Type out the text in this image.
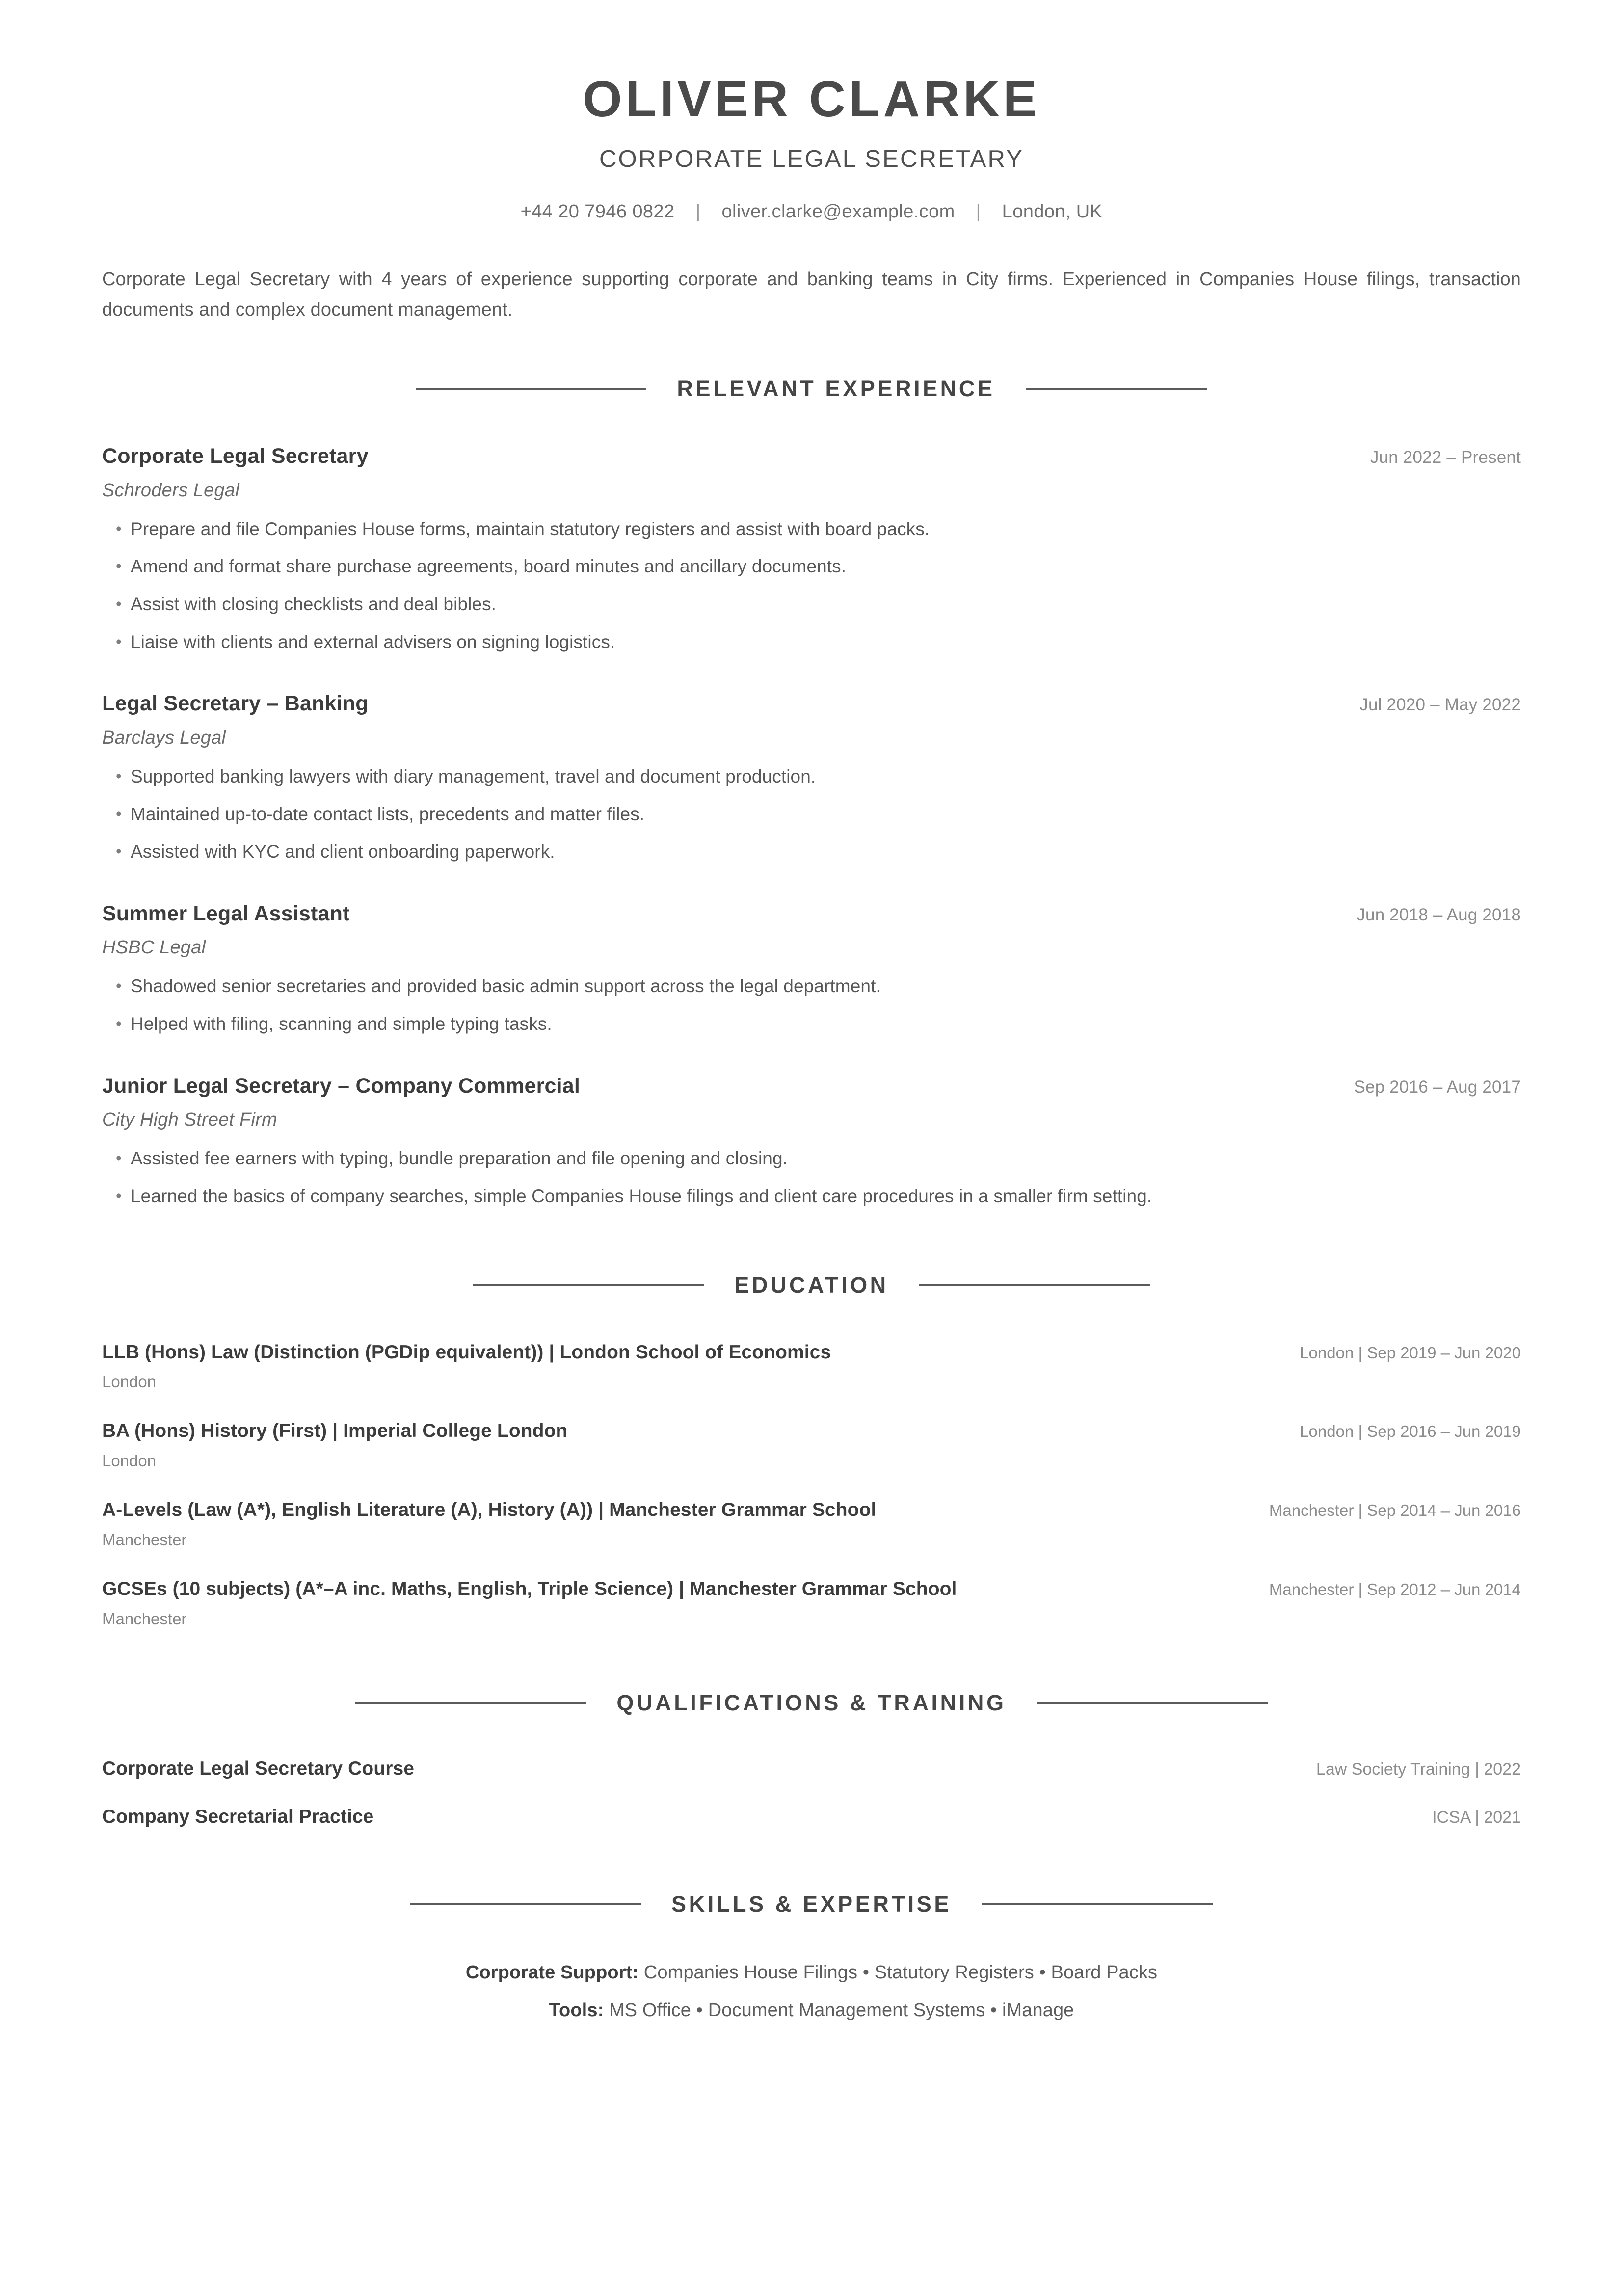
OLIVER CLARKE
CORPORATE LEGAL SECRETARY
+44 20 7946 0822	|	oliver.clarke@example.com	|	London, UK

Corporate Legal Secretary with 4 years of experience supporting corporate and banking teams in City firms. Experienced in Companies House filings, transaction documents and complex document management.

RELEVANT EXPERIENCE
Corporate Legal Secretary	Jun 2022 – Present
Schroders Legal
• Prepare and file Companies House forms, maintain statutory registers and assist with board packs.
• Amend and format share purchase agreements, board minutes and ancillary documents.
• Assist with closing checklists and deal bibles.
• Liaise with clients and external advisers on signing logistics.
Legal Secretary – Banking	Jul 2020 – May 2022
Barclays Legal
• Supported banking lawyers with diary management, travel and document production.
• Maintained up-to-date contact lists, precedents and matter files.
• Assisted with KYC and client onboarding paperwork.
Summer Legal Assistant	Jun 2018 – Aug 2018
HSBC Legal
• Shadowed senior secretaries and provided basic admin support across the legal department.
• Helped with filing, scanning and simple typing tasks.
Junior Legal Secretary – Company Commercial	Sep 2016 – Aug 2017
City High Street Firm
• Assisted fee earners with typing, bundle preparation and file opening and closing.
• Learned the basics of company searches, simple Companies House filings and client care procedures in a smaller firm setting.
EDUCATION
LLB (Hons) Law (Distinction (PGDip equivalent)) | London School of Economics	London | Sep 2019 – Jun 2020
London
BA (Hons) History (First) | Imperial College London	London | Sep 2016 – Jun 2019
London
A-Levels (Law (A*), English Literature (A), History (A)) | Manchester Grammar School	Manchester | Sep 2014 – Jun 2016
Manchester
GCSEs (10 subjects) (A*–A inc. Maths, English, Triple Science) | Manchester Grammar School	Manchester | Sep 2012 – Jun 2014
Manchester
QUALIFICATIONS & TRAINING
Corporate Legal Secretary Course	Law Society Training | 2022
Company Secretarial Practice	ICSA | 2021
SKILLS & EXPERTISE
Corporate Support: Companies House Filings • Statutory Registers • Board Packs
Tools: MS Office • Document Management Systems • iManage
